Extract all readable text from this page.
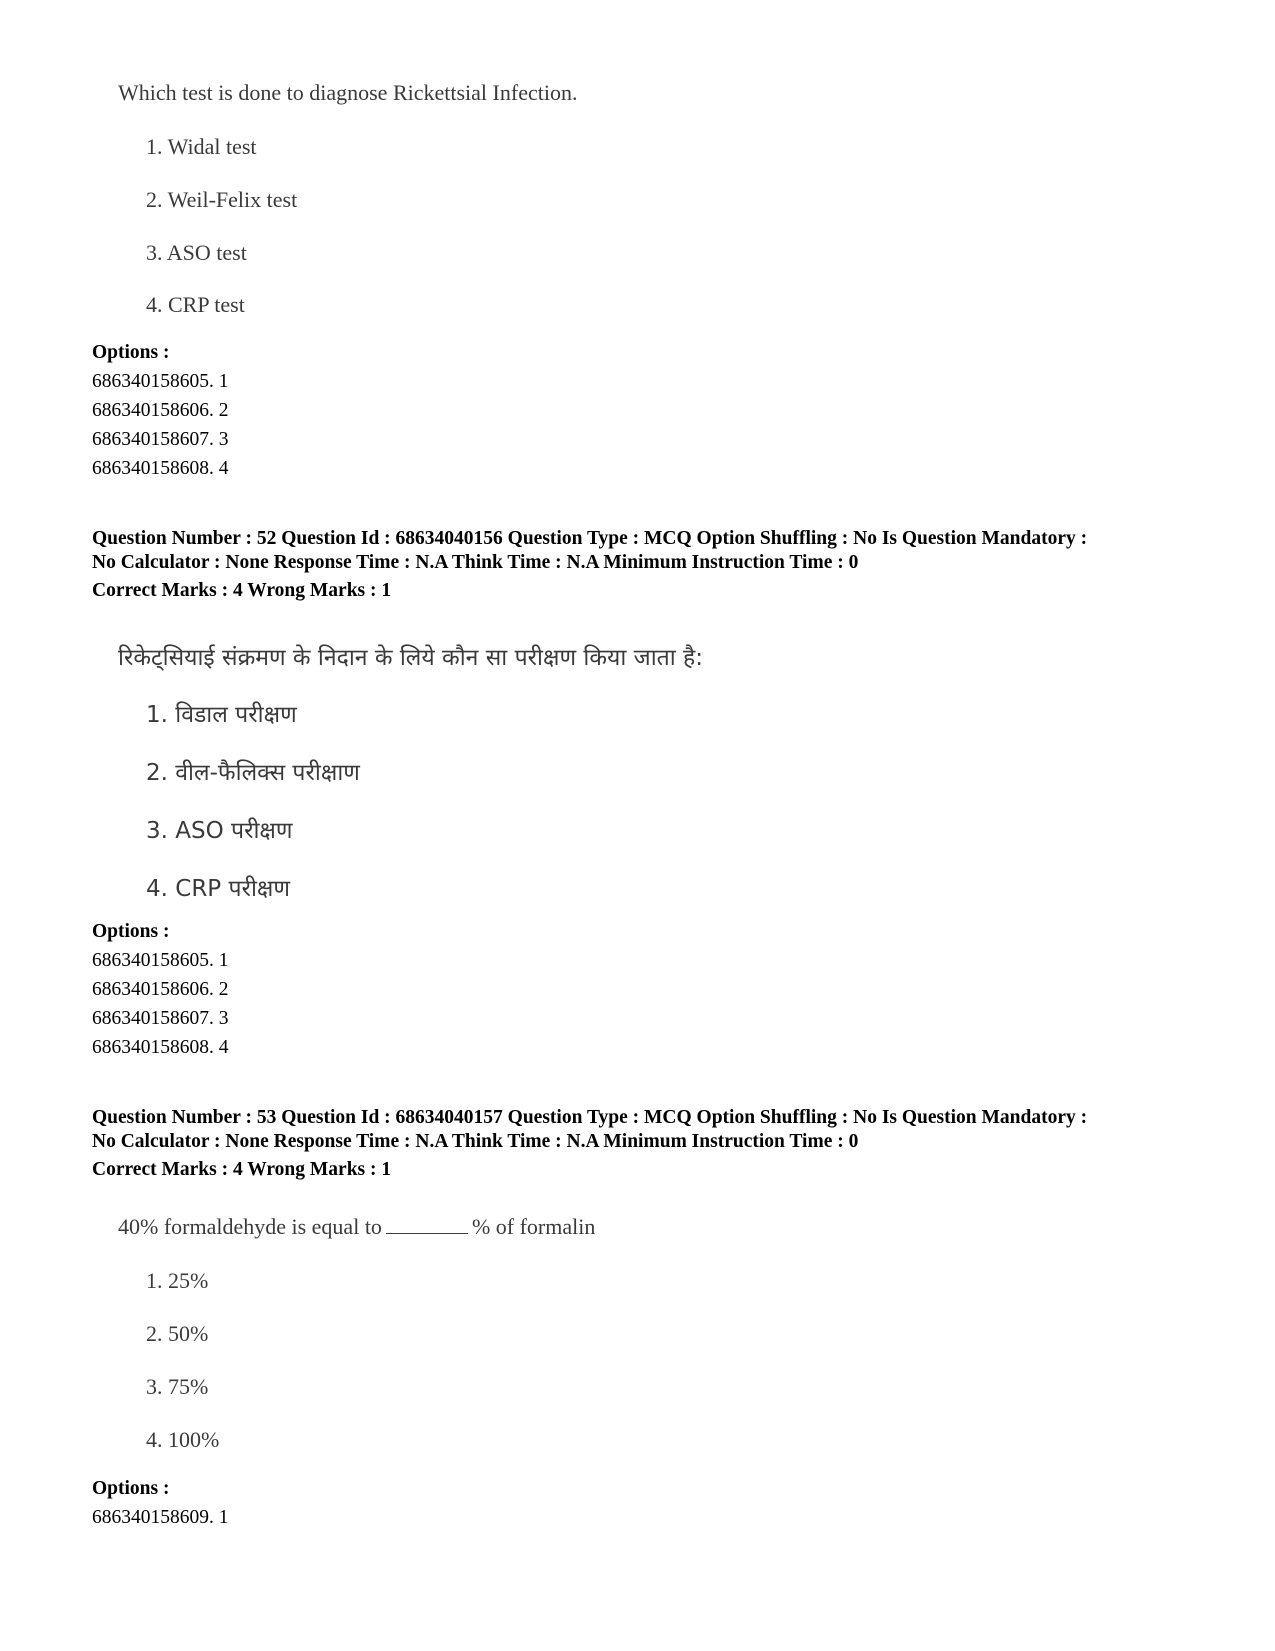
Which test is done to diagnose Rickettsial Infection.
1. Widal test
2. Weil-Felix test
3. ASO test
4. CRP test
Options :
686340158605. 1
686340158606. 2
686340158607. 3
686340158608. 4
Question Number : 52 Question Id : 68634040156 Question Type : MCQ Option Shuffling : No Is Question Mandatory :
No Calculator : None Response Time : N.A Think Time : N.A Minimum Instruction Time : 0
Correct Marks : 4 Wrong Marks : 1
रिकेट्सियाई संक्रमण के निदान के लिये कौन सा परीक्षण किया जाता है:
1. विडाल परीक्षण
2. वील-फैलिक्स परीक्षाण
3. ASO परीक्षण
4. CRP परीक्षण
Options :
686340158605. 1
686340158606. 2
686340158607. 3
686340158608. 4
Question Number : 53 Question Id : 68634040157 Question Type : MCQ Option Shuffling : No Is Question Mandatory :
No Calculator : None Response Time : N.A Think Time : N.A Minimum Instruction Time : 0
Correct Marks : 4 Wrong Marks : 1
40% formaldehyde is equal to	% of formalin
1. 25%
2. 50%
3. 75%
4. 100%
Options :
686340158609. 1
